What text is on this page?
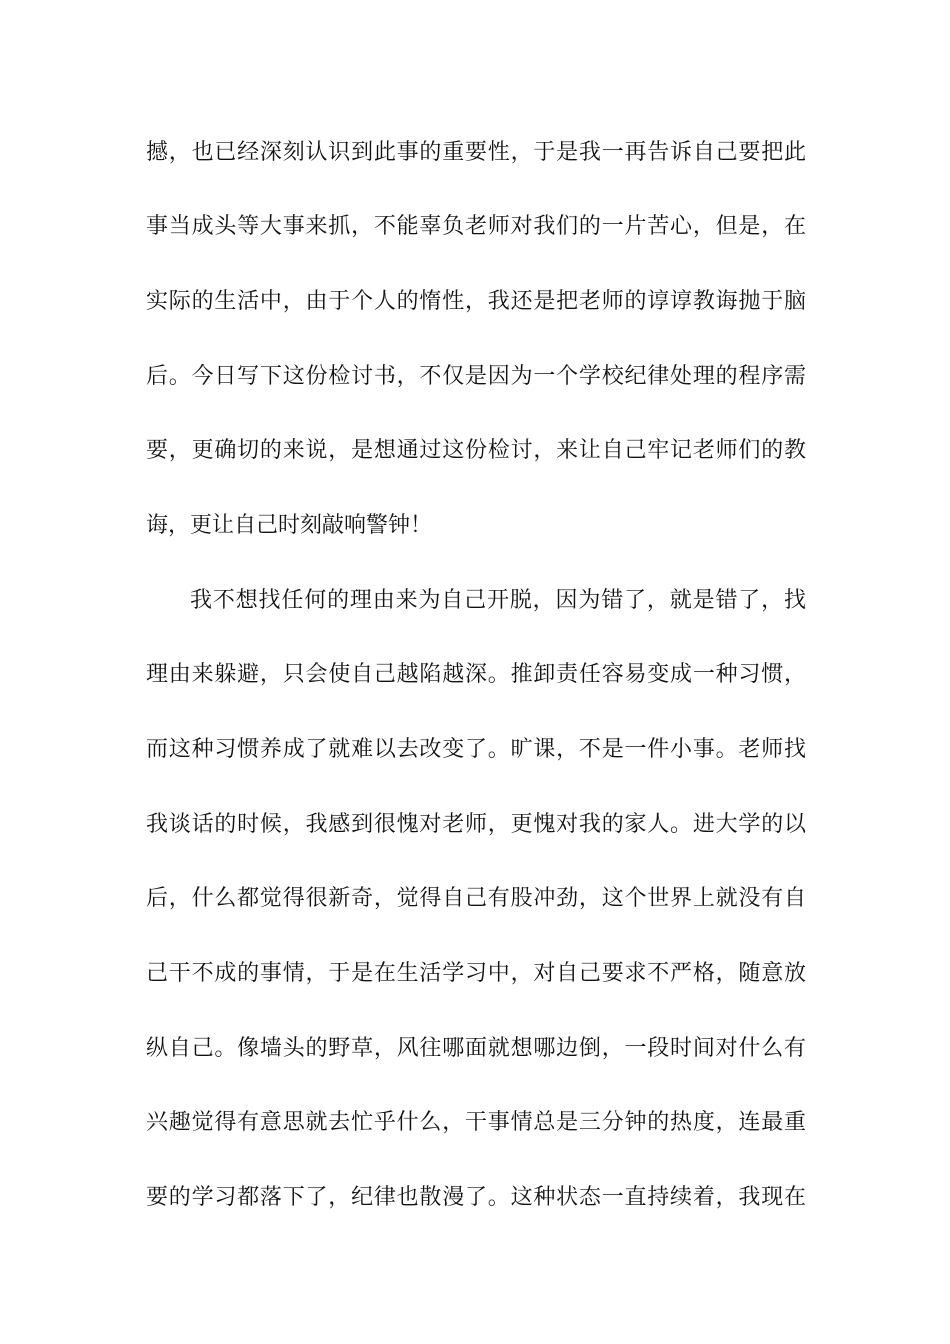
撼，也已经深刻认识到此事的重要性，于是我一再告诉自己要把此
事当成头等大事来抓，不能辜负老师对我们的一片苦心，但是，在
实际的生活中，由于个人的惰性，我还是把老师的谆谆教诲抛于脑
后。今日写下这份检讨书，不仅是因为一个学校纪律处理的程序需
要，更确切的来说，是想通过这份检讨，来让自己牢记老师们的教
诲，更让自己时刻敲响警钟！
我不想找任何的理由来为自己开脱，因为错了，就是错了，找
理由来躲避，只会使自己越陷越深。推卸责任容易变成一种习惯，
而这种习惯养成了就难以去改变了。旷课，不是一件小事。老师找
我谈话的时候，我感到很愧对老师，更愧对我的家人。进大学的以
后，什么都觉得很新奇，觉得自己有股冲劲，这个世界上就没有自
己干不成的事情，于是在生活学习中，对自己要求不严格，随意放
纵自己。像墙头的野草，风往哪面就想哪边倒，一段时间对什么有
兴趣觉得有意思就去忙乎什么，干事情总是三分钟的热度，连最重
要的学习都落下了，纪律也散漫了。这种状态一直持续着，我现在
